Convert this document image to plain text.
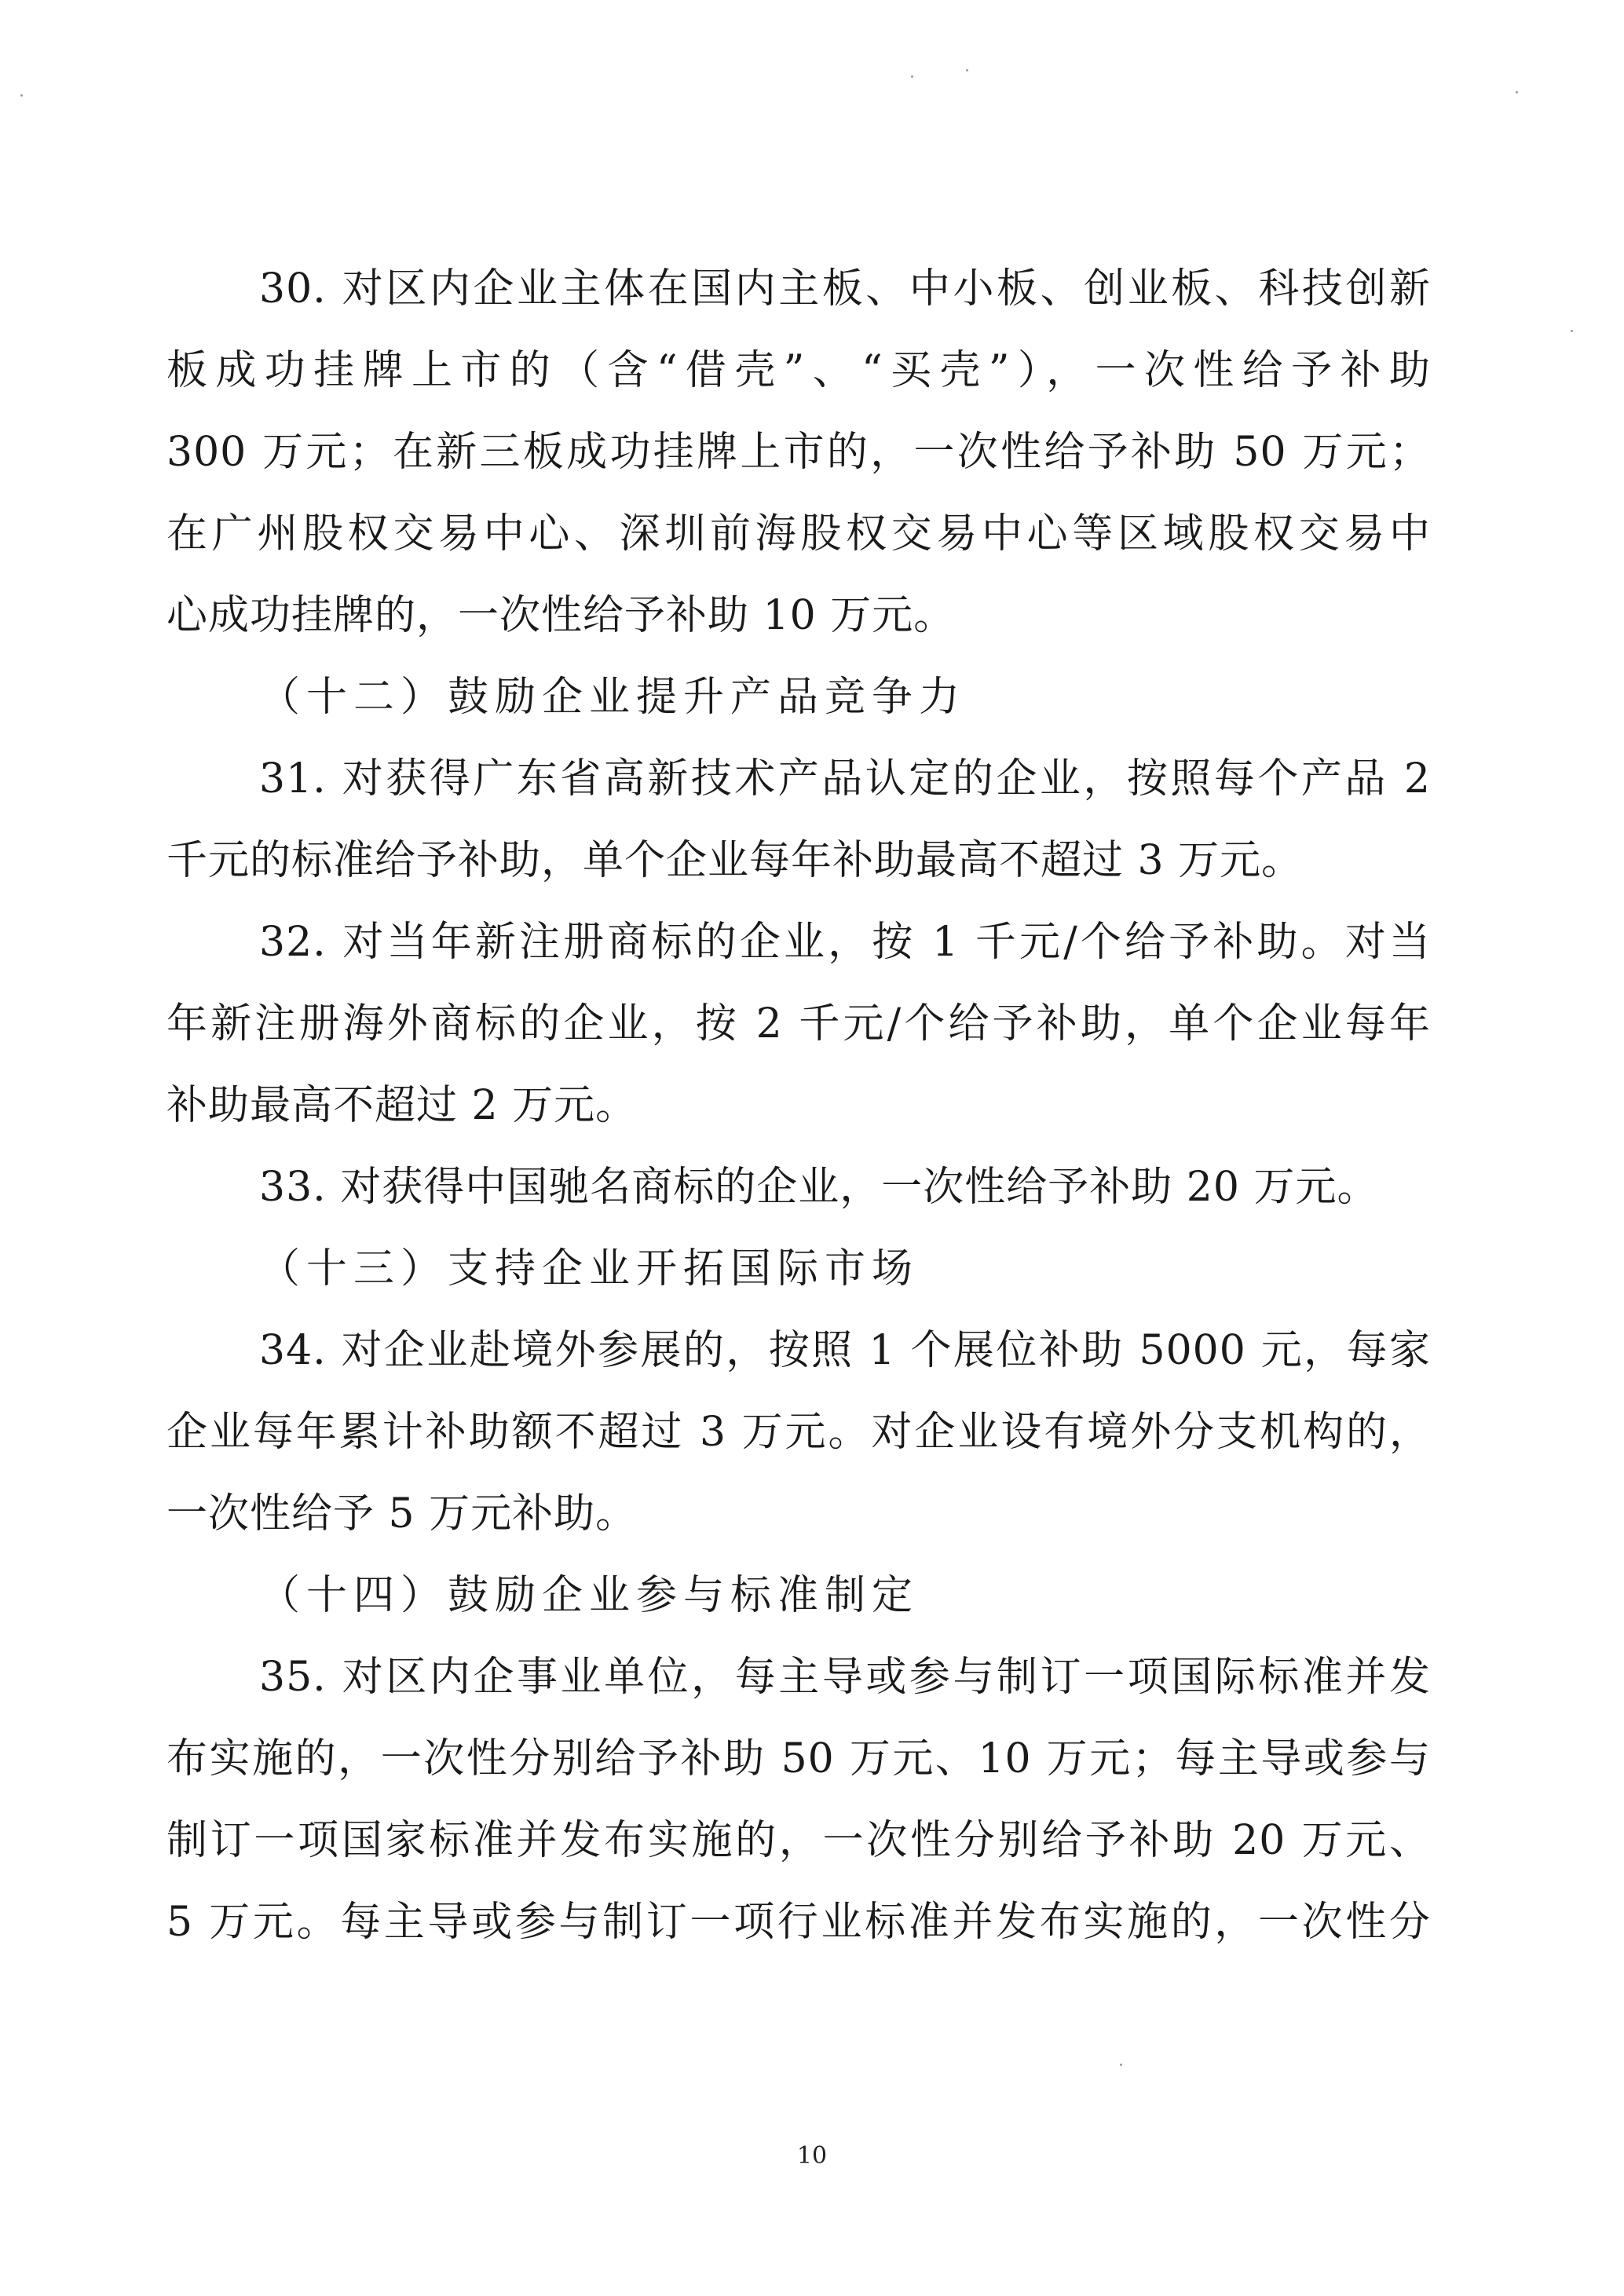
30. 对区内企业主体在国内主板、中小板、创业板、科技创新
板成功挂牌上市的（含“借壳”、“买壳”），一次性给予补助
300 万元；在新三板成功挂牌上市的，一次性给予补助 50 万元；
在广州股权交易中心、深圳前海股权交易中心等区域股权交易中
心成功挂牌的，一次性给予补助 10 万元。
（十二）鼓励企业提升产品竞争力
31. 对获得广东省高新技术产品认定的企业，按照每个产品 2
千元的标准给予补助，单个企业每年补助最高不超过 3 万元。
32. 对当年新注册商标的企业，按 1 千元/个给予补助。对当
年新注册海外商标的企业，按 2 千元/个给予补助，单个企业每年
补助最高不超过 2 万元。
33. 对获得中国驰名商标的企业，一次性给予补助 20 万元。
（十三）支持企业开拓国际市场
34. 对企业赴境外参展的，按照 1 个展位补助 5000 元，每家
企业每年累计补助额不超过 3 万元。对企业设有境外分支机构的，
一次性给予 5 万元补助。
（十四）鼓励企业参与标准制定
35. 对区内企事业单位，每主导或参与制订一项国际标准并发
布实施的，一次性分别给予补助 50 万元、10 万元；每主导或参与
制订一项国家标准并发布实施的，一次性分别给予补助 20 万元、
5 万元。每主导或参与制订一项行业标准并发布实施的，一次性分
10
